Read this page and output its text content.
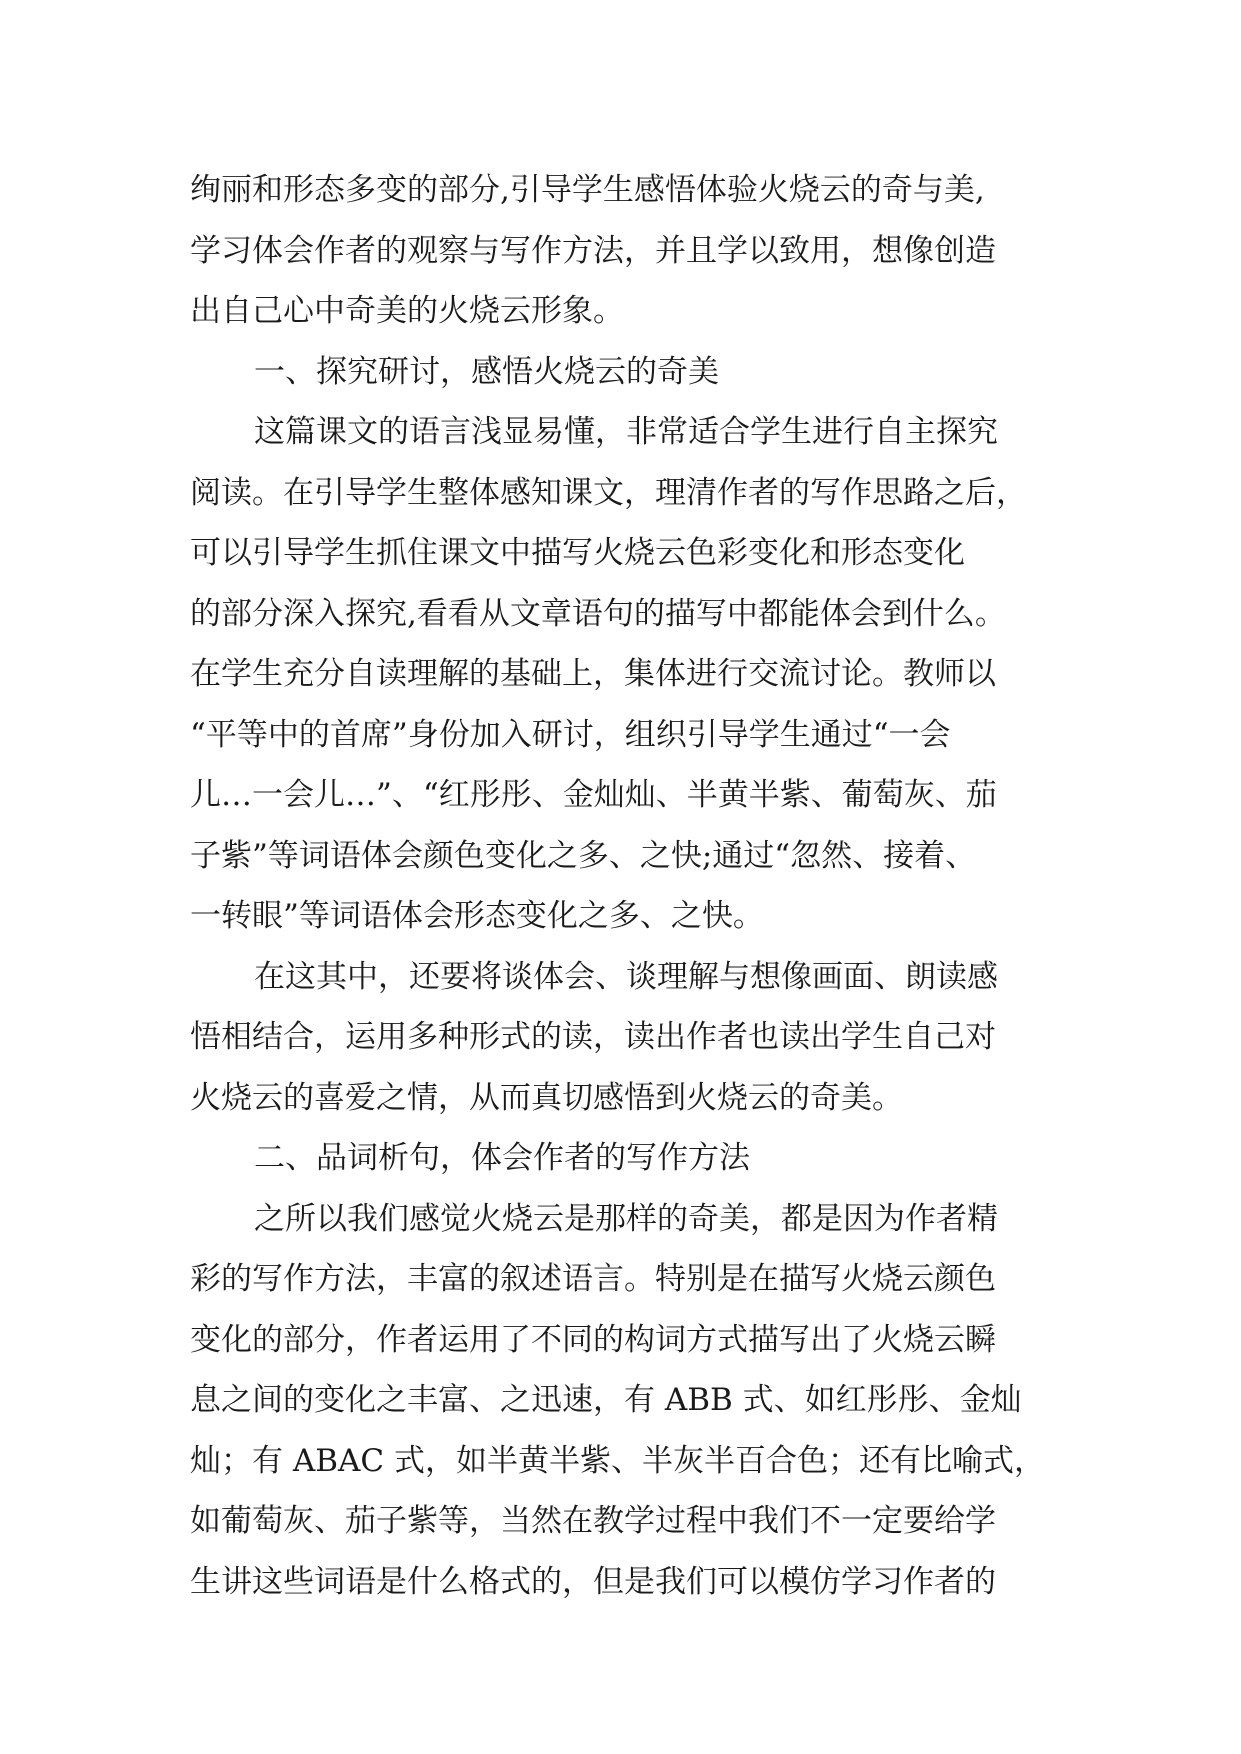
绚丽和形态多变的部分,引导学生感悟体验火烧云的奇与美,
学习体会作者的观察与写作方法，并且学以致用，想像创造
出自己心中奇美的火烧云形象。
一、探究研讨，感悟火烧云的奇美
这篇课文的语言浅显易懂，非常适合学生进行自主探究
阅读。在引导学生整体感知课文，理清作者的写作思路之后，
可以引导学生抓住课文中描写火烧云色彩变化和形态变化
的部分深入探究,看看从文章语句的描写中都能体会到什么。
在学生充分自读理解的基础上，集体进行交流讨论。教师以
“平等中的首席”身份加入研讨，组织引导学生通过“一会
儿…一会儿…”、“红彤彤、金灿灿、半黄半紫、葡萄灰、茄
子紫”等词语体会颜色变化之多、之快;通过“忽然、接着、
一转眼”等词语体会形态变化之多、之快。
在这其中，还要将谈体会、谈理解与想像画面、朗读感
悟相结合，运用多种形式的读，读出作者也读出学生自己对
火烧云的喜爱之情，从而真切感悟到火烧云的奇美。
二、品词析句，体会作者的写作方法
之所以我们感觉火烧云是那样的奇美，都是因为作者精
彩的写作方法，丰富的叙述语言。特别是在描写火烧云颜色
变化的部分，作者运用了不同的构词方式描写出了火烧云瞬
息之间的变化之丰富、之迅速，有 ABB 式、如红彤彤、金灿
灿；有 ABAC 式，如半黄半紫、半灰半百合色；还有比喻式，
如葡萄灰、茄子紫等，当然在教学过程中我们不一定要给学
生讲这些词语是什么格式的，但是我们可以模仿学习作者的
